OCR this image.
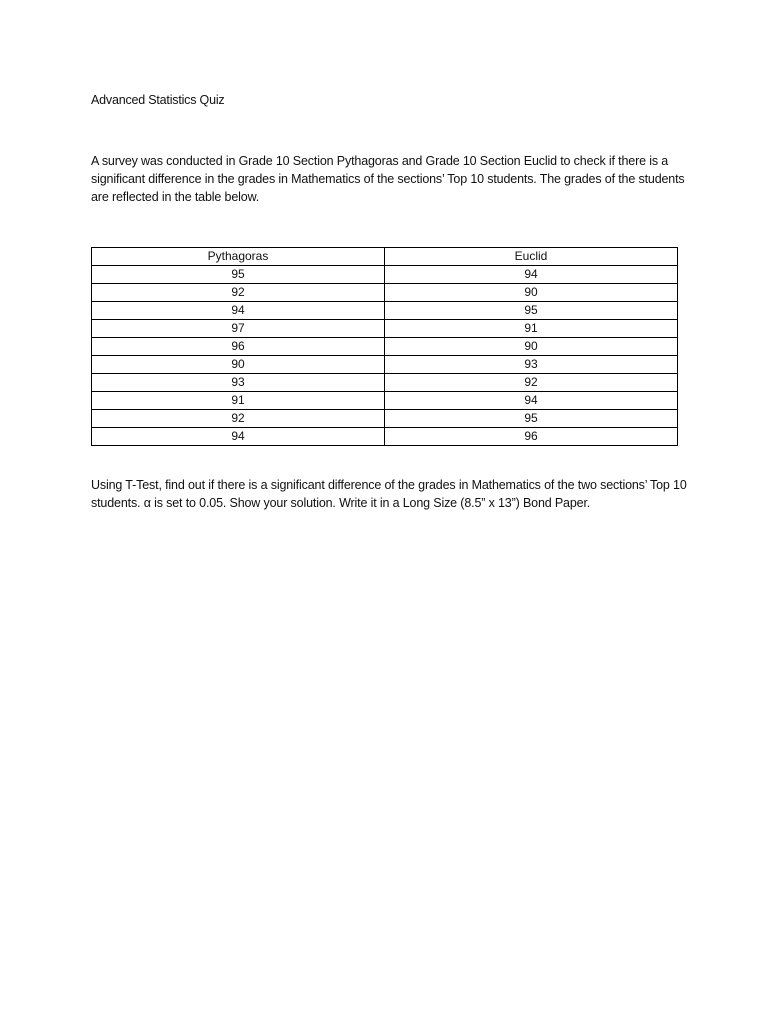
Advanced Statistics Quiz

A survey was conducted in Grade 10 Section Pythagoras and Grade 10 Section Euclid to check if there is a significant difference in the grades in Mathematics of the sections’ Top 10 students. The grades of the students are reflected in the table below.

Pythagoras	Euclid
95	94
92	90
94	95
97	91
96	90
90	93
93	92
91	94
92	95
94	96

Using T-Test, find out if there is a significant difference of the grades in Mathematics of the two sections’ Top 10 students. α is set to 0.05. Show your solution. Write it in a Long Size (8.5” x 13”) Bond Paper.
